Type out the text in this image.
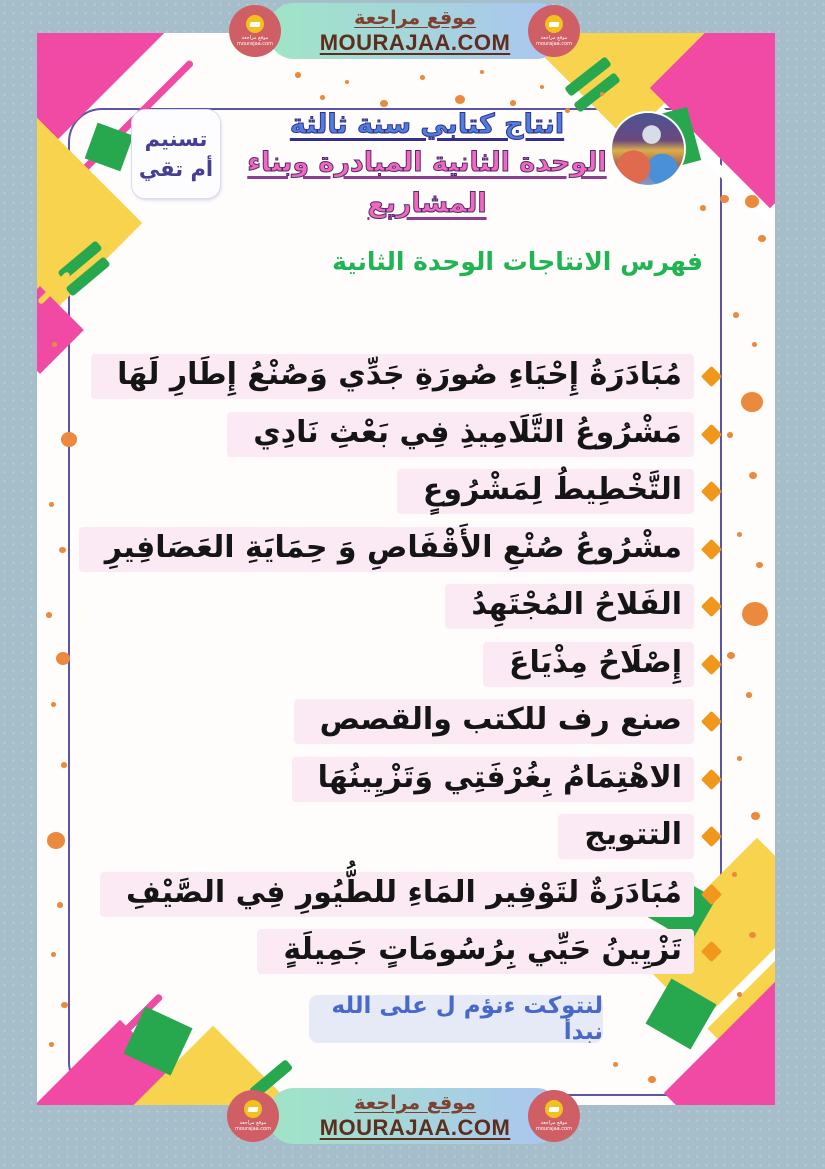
تسنيم
أم تقي
انتاج كتابي سنة ثالثة
الوحدة الثانية المبادرة وبناء المشاريع
فهرس الانتاجات الوحدة الثانية
مُبَادَرَةُ إِحْيَاءِ صُورَةِ جَدِّي وَصُنْعُ إِطَارِ لَهَا
مَشْرُوعُ التَّلَامِيذِ فِي بَعْثِ نَادِي
التَّخْطِيطُ لِمَشْرُوعٍ
مشْرُوعُ صُنْعِ الأَقْفَاصِ وَ حِمَايَةِ العَصَافِيرِ
الفَلاحُ المُجْتَهِدُ
إِصْلَاحُ مِذْيَاعَ
صنع رف للكتب والقصص
الاهْتِمَامُ بِغُرْفَتِي وَتَزْيِينُهَا
التتويج
مُبَادَرَةٌ لتَوْفِير المَاءِ للطُّيُورِ فِي الصَّيْفِ
تَزْيِينُ حَيِّي بِرُسُومَاتٍ جَمِيلَةٍ
لنتوكت ءنؤم ل على الله نبدأ
موقع مراجعة
MOURAJAA.COM
موقع مراجعة
mourajaa.com
موقع مراجعة
mourajaa.com
موقع مراجعة
MOURAJAA.COM
موقع مراجعة
mourajaa.com
موقع مراجعة
mourajaa.com
